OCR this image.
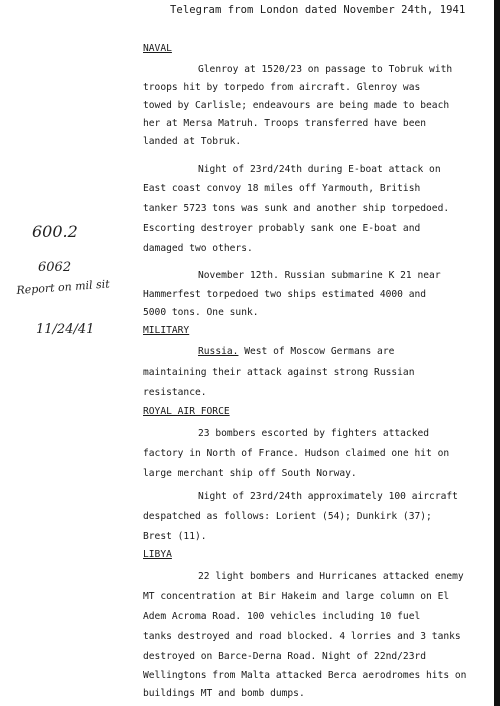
Telegram from London dated November 24th, 1941
600.2
6062
Report on mil sit
11/24/41
NAVAL
Glenroy at 1520/23 on passage to Tobruk with
troops hit by torpedo from aircraft. Glenroy was
towed by Carlisle; endeavours are being made to beach
her at Mersa Matruh. Troops transferred have been
landed at Tobruk.
Night of 23rd/24th during E-boat attack on
East coast convoy 18 miles off Yarmouth, British
tanker 5723 tons was sunk and another ship torpedoed.
Escorting destroyer probably sank one E-boat and
damaged two others.
November 12th. Russian submarine K 21 near
Hammerfest torpedoed two ships estimated 4000 and
5000 tons. One sunk.
MILITARY
Russia. West of Moscow Germans are
maintaining their attack against strong Russian
resistance.
ROYAL AIR FORCE
23 bombers escorted by fighters attacked
factory in North of France. Hudson claimed one hit on
large merchant ship off South Norway.
Night of 23rd/24th approximately 100 aircraft
despatched as follows: Lorient (54); Dunkirk (37);
Brest (11).
LIBYA
22 light bombers and Hurricanes attacked enemy
MT concentration at Bir Hakeim and large column on El
Adem Acroma Road. 100 vehicles including 10 fuel
tanks destroyed and road blocked. 4 lorries and 3 tanks
destroyed on Barce-Derna Road. Night of 22nd/23rd
Wellingtons from Malta attacked Berca aerodromes hits on
buildings MT and bomb dumps.
